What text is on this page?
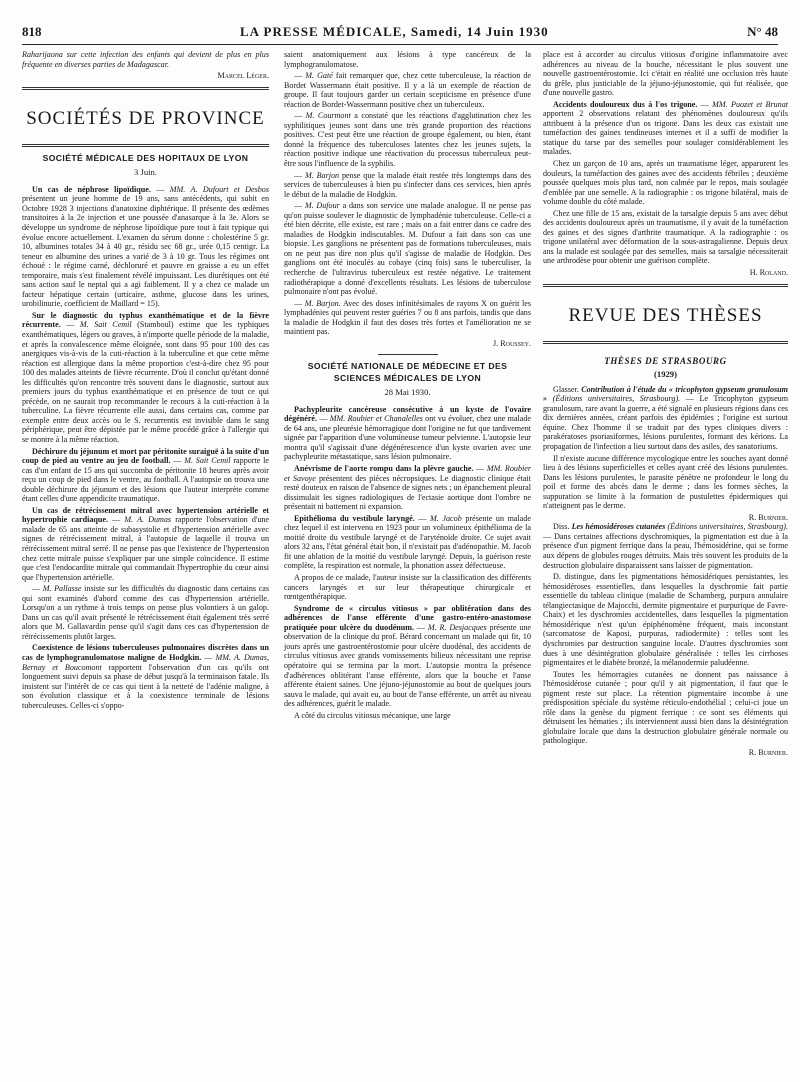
818	LA PRESSE MÉDICALE, Samedi, 14 Juin 1930	N° 48

Raharijaona sur cette infection des enfants qui devient de plus en plus fréquente en diverses parties de Madagascar.

Marcel Léger.
SOCIÉTÉS DE PROVINCE
SOCIÉTÉ MÉDICALE DES HOPITAUX DE LYON
3 Juin.

Un cas de néphrose lipoïdique. — MM. A. Dufourt et Desbos présentent un jeune homme de 19 ans, sans antécédents, qui subit en Octobre 1928 3 injections d'anatoxine diphtérique. Il présente des œdèmes transitoires à la 2e injection et une poussée d'anasarque à la 3e. Alors se développe un syndrome de néphrose lipoïdique pure tout à fait typique qui évolue encore actuellement. L'examen du sérum donne : cholestérine 5 gr. 10, albumines totales 34 à 40 gr., résidu sec 68 gr., urée 0,15 centigr. La teneur en albumine des urines a varié de 3 à 10 gr. Tous les régimes ont échoué : le régime carné, déchloruré et pauvre en graisse a eu un effet temporaire, mais s'est finalement révélé impuissant. Les diurétiques ont été sans action sauf le neptal qui a agi faiblement. Il y a chez ce malade un facteur hépatique certain (urticaire, asthme, glucose dans les urines, urobilinurie, coefficient de Maillard = 15).

Sur le diagnostic du typhus exanthématique et de la fièvre récurrente. — M. Sait Cemil (Stamboul) estime que les typhiques exanthématiques, légers ou graves, à n'importe quelle période de la maladie, et après la convalescence même éloignée, sont dans 95 pour 100 des cas anergiques vis-à-vis de la cuti-réaction à la tuberculine et que cette même réaction est allergique dans la même proportion c'est-à-dire chez 95 pour 100 des malades atteints de fièvre récurrente. D'où il conclut qu'étant donné les difficultés qu'on rencontre très souvent dans le diagnostic, surtout aux premiers jours du typhus exanthématique et en présence de tout ce qui précède, on ne saurait trop recommander le recours à la cuti-réaction à la tuberculine. La fièvre récurrente elle aussi, dans certains cas, comme par exemple entre deux accès ou le S. recurrentis est invisible dans le sang périphérique, peut être dépistée par le même procédé grâce à l'allergie qui se montre à la même réaction.

Déchirure du jéjunum et mort par péritonite suraiguë à la suite d'un coup de pied au ventre au jeu de football. — M. Sait Cemil rapporte le cas d'un enfant de 15 ans qui succomba de péritonite 18 heures après avoir reçu un coup de pied dans le ventre, au football. A l'autopsie on trouva une double déchirure du jéjunum et des lésions que l'auteur interprète comme étant celles d'une appendicite traumatique.

Un cas de rétrécissement mitral avec hypertension artérielle et hypertrophie cardiaque. — M. A. Dumas rapporte l'observation d'une malade de 65 ans atteinte de subasystolie et d'hypertension artérielle avec signes de rétrécissement mitral, à l'autopsie de laquelle il trouva un rétrécissement mitral serré. Il ne pense pas que l'existence de l'hypertension chez cette mitrale puisse s'expliquer par une simple coïncidence. Il estime que c'est l'endocardite mitrale qui commandait l'hypertrophie du cœur ainsi que l'hypertension artérielle.

— M. Pallasse insiste sur les difficultés du diagnostic dans certains cas qui sont examinés d'abord comme des cas d'hypertension artérielle. Lorsqu'on a un rythme à trois temps on pense plus volontiers à un galop. Dans un cas qu'il avait présenté le rétrécissement était également très serré alors que M. Gallavardin pense qu'il s'agit dans ces cas d'hypertension de rétrécissements plutôt larges.

Coexistence de lésions tuberculeuses pulmonaires discrètes dans un cas de lymphogranulomatose maligne de Hodgkin. — MM. A. Dumas, Bernay et Boucomont rapportent l'observation d'un cas qu'ils ont longuement suivi depuis sa phase de début jusqu'à la terminaison fatale. Ils insistent sur l'intérêt de ce cas qui tient à la netteté de l'adénie maligne, à son évolution classique et à la coexistence terminale de lésions tuberculeuses. Celles-ci s'oppo-

saient anatomiquement aux lésions à type cancéreux de la lymphogranulomatose.

— M. Gaté fait remarquer que, chez cette tuberculeuse, la réaction de Bordet Wassermann était positive. Il y a là un exemple de réaction de groupe. Il faut toujours garder un certain scepticisme en présence d'une réaction de Bordet-Wassermann positive chez un tuberculeux.

— M. Courmont a constaté que les réactions d'agglutination chez les syphilitiques jeunes sont dans une très grande proportion des réactions positives. C'est peut être une réaction de groupe également, ou bien, étant donné la fréquence des tuberculoses latentes chez les jeunes sujets, la réaction positive indique une réactivation du processus tuberculeux peut-être sous l'influence de la syphilis.

— M. Barjon pense que la malade était restée très longtemps dans des services de tuberculeuses à bien pu s'infecter dans ces services, bien après le début de la maladie de Hodgkin.

— M. Dufour a dans son service une malade analogue. Il ne pense pas qu'on puisse soulever le diagnostic de lymphadénie tuberculeuse. Celle-ci a été bien décrite, elle existe, est rare ; mais on a fait entrer dans ce cadre des maladies de Hodgkin indiscutables. M. Dufour a fait dans son cas une biopsie. Les ganglions ne présentent pas de formations tuberculeuses, mais on ne peut pas dire non plus qu'il s'agisse de maladie de Hodgkin. Des ganglions ont été inoculés au cobaye (cinq fois) sans le tuberculiser, la recherche de l'ultravirus tuberculeux est restée négative. Le traitement radiothérapique a donné d'excellents résultats. Les lésions de tuberculose pulmonaire n'ont pas évolué.

— M. Barjon. Avec des doses infinitésimales de rayons X on guérit les lymphadénies qui peuvent rester guéries 7 ou 8 ans parfois, tandis que dans la maladie de Hodgkin il faut des doses très fortes et l'amélioration ne se maintient pas.

J. Roussey.
SOCIÉTÉ NATIONALE DE MÉDECINE ET DES SCIENCES MÉDICALES DE LYON
28 Mai 1930.

Pachypleurite cancéreuse consécutive à un kyste de l'ovaire dégénéré. — MM. Roubier et Chanalelles ont vu évoluer, chez une malade de 64 ans, une pleurésie hémorragique dont l'origine ne fut que tardivement signée par l'apparition d'une volumineuse tumeur pelvienne. L'autopsie leur montra qu'il s'agissait d'une dégénérescence d'un kyste ovarien avec une pachypleurite métastatique, sans lésion pulmonaire.

Anévrisme de l'aorte rompu dans la plèvre gauche. — MM. Roubier et Savoye présentent des pièces nécropsiques. Le diagnostic clinique était resté douteux en raison de l'absence de signes nets ; un épanchement pleural dissimulait les signes radiologiques de l'ectasie aortique dont l'ombre ne présentait ni battement ni expansion.

Epithélioma du vestibule laryngé. — M. Jacob présente un malade chez lequel il est intervenu en 1923 pour un volumineux épithélioma de la moitié droite du vestibule laryngé et de l'aryténoïde droite. Ce sujet avait alors 32 ans, l'état général était bon, il n'existait pas d'adénopathie. M. Jacob fit une ablation de la moitié du vestibule laryngé. Depuis, la guérison reste complète, la respiration est normale, la phonation assez défectueuse.

A propos de ce malade, l'auteur insiste sur la classification des différents cancers laryngés et sur leur thérapeutique chirurgicale et rœntgenthérapique.

Syndrome de « circulus vitiosus » par oblitération dans des adhérences de l'anse efférente d'une gastro-entéro-anastomose pratiquée pour ulcère du duodénum. — M. R. Desjacques présente une observation de la clinique du prof. Bérard concernant un malade qui fit, 10 jours après une gastroentérostomie pour ulcère duodénal, des accidents de circulus vitiosus avec grands vomissements bilieux nécessitant une reprise opératoire qui se termina par la mort. L'autopsie montra la présence d'adhérences oblitérant l'anse efférente, alors que la bouche et l'anse afférente étaient saines. Une jéjuno-jéjunostomie au bout de quelques jours sauva le malade, qui avait eu, au bout de l'anse efférente, un arrêt au niveau des adhérences, guérit le malade.

A côté du circulus vitiosus mécanique, une large

place est à accorder au circulus vitiosus d'origine inflammatoire avec adhérences au niveau de la bouche, nécessitant le plus souvent une nouvelle gastroentérostomie. Ici c'était en réalité une occlusion très haute du grêle, plus justiciable de la jéjuno-jéjunostomie, qui fut réalisée, que d'une nouvelle gastro.

Accidents douloureux dus à l'os trigone. — MM. Puozet et Brunat apportent 2 observations relatant des phénomènes douloureux qu'ils attribuent à la présence d'un os trigone. Dans les deux cas existait une tuméfaction des gaines tendineuses internes et il a suffi de modifier la statique du tarse par des semelles pour soulager considérablement les malades.

Chez un garçon de 10 ans, après un traumatisme léger, apparurent les douleurs, la tuméfaction des gaines avec des accidents fébriles ; deuxième poussée quelques mois plus tard, non calmée par le repos, mais soulagée d'emblée par une semelle. A la radiographie : os trigone bilatéral, mais de volume double du côté malade.

Chez une fille de 15 ans, existait de la tarsalgie depuis 5 ans avec début des accidents douloureux après un traumatisme, il y avait de la tuméfaction des gaines et des signes d'arthrite traumatique. A la radiographie : os trigone unilatéral avec déformation de la sous-astragalienne. Depuis deux ans la malade est soulagée par des semelles, mais sa tarsalgie nécessiterait une arthrodèse pour obtenir une guérison complète.

H. Roland.
REVUE DES THÈSES
THÈSES DE STRASBOURG
(1929)

Glasser. Contribution à l'étude du « tricophyton gypseum granulosum » (Éditions universitaires, Strasbourg). — Le Tricophyton gypseum granulosum, rare avant la guerre, a été signalé en plusieurs régions dans ces dix dernières années, créant parfois des épidémies ; l'origine est surtout équine. Chez l'homme il se traduit par des types cliniques divers : parakératoses psoriasiformes, lésions purulentes, formant des kérions. La propagation de l'infection a lieu surtout dans des asiles, des sanatoriums.

Il n'existe aucune différence mycologique entre les souches ayant donné lieu à des lésions superficielles et celles ayant créé des lésions purulentes. Dans les lésions purulentes, le parasite pénètre ne profondeur le long du poil et forme des abcès dans le derme ; dans les formes sèches, la suppuration se limite à la formation de pustulettes épidermiques qui n'atteignent pas le derme.

R. Burnier.

Diss. Les hémosidéroses cutanées (Éditions universitaires, Strasbourg). — Dans certaines affections dyschromiques, la pigmentation est due à la présence d'un pigment ferrique dans la peau, l'hémosidérine, qui se forme aux dépens de globules rouges détruits. Mais très souvent les produits de la destruction globulaire disparaissent sans laisser de pigmentation.

D. distingue, dans les pigmentations hémosidériques persistantes, les hémosidéroses essentielles, dans lesquelles la dyschromie fait partie essentielle du tableau clinique (maladie de Schamberg, purpura annulaire télangiectasique de Majocchi, dermite pigmentaire et purpurique de Favre-Chaix) et les dyschromies accidentelles, dans lesquelles la pigmentation hémosidérique n'est qu'un épiphénomène fréquent, mais inconstant (sarcomatose de Kaposi, purpuras, radiodermite) : telles sont les dyschromies par destruction sanguine locale. D'autres dyschromies sont dues à une désintégration globulaire généralisée : telles les cirrhoses pigmentaires et le diabète bronzé, la mélanodermie paludéenne.

Toutes les hémorragies cutanées ne donnent pas naissance à l'hémosidérose cutanée ; pour qu'il y ait pigmentation, il faut que le pigment reste sur place. La rétention pigmentaire incombe à une prédisposition spéciale du système réticulo-endothélial ; celui-ci joue un rôle dans la genèse du pigment ferrique : ce sont ses éléments qui détruisent les hématies ; ils interviennent aussi bien dans la désintégration globulaire locale que dans la destruction globulaire générale normale ou pathologique.

R. Burnier.
